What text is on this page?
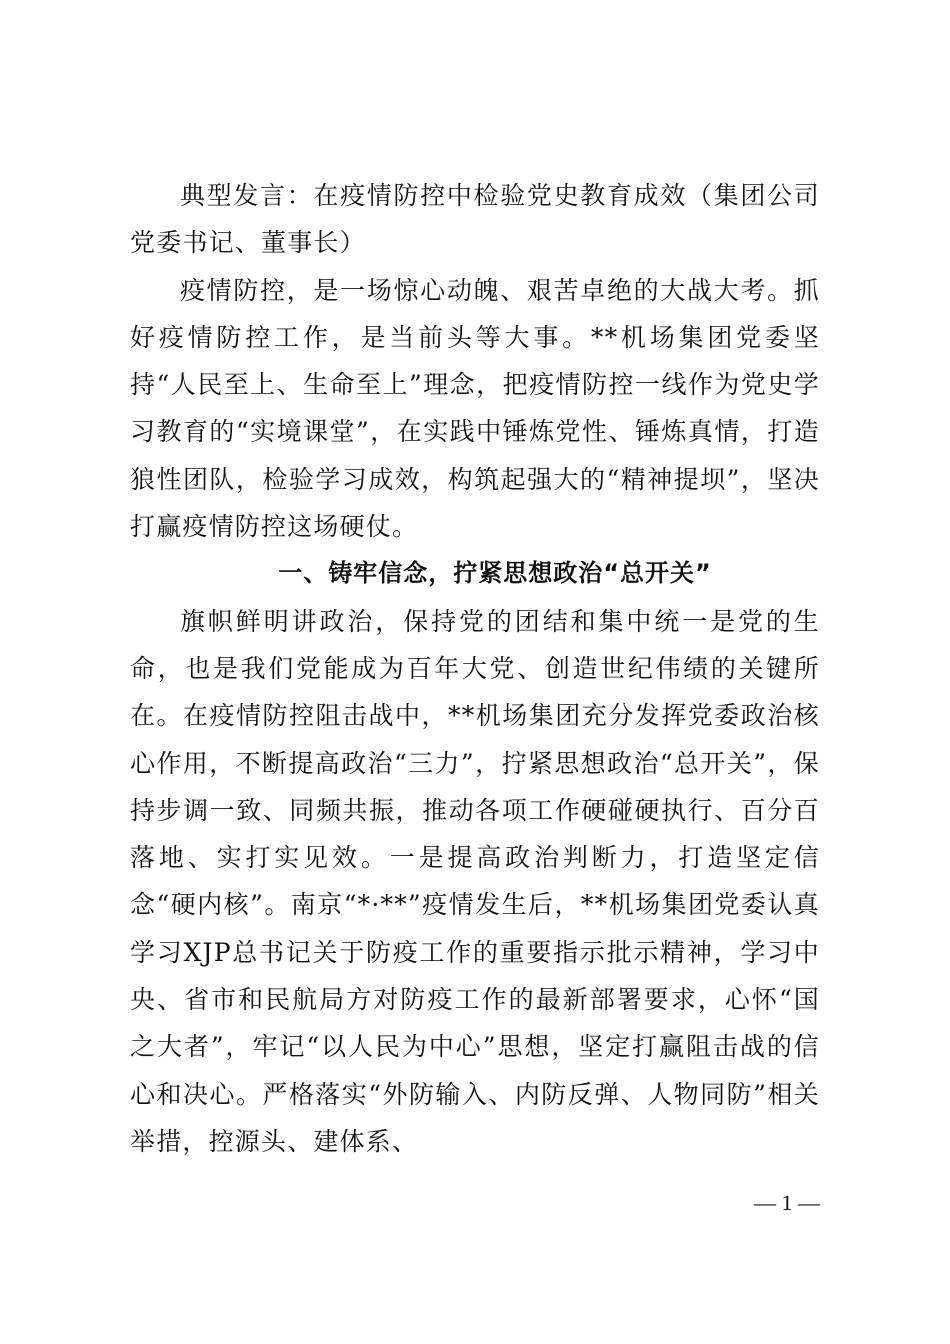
典型发言：在疫情防控中检验党史教育成效（集团公司党委书记、董事长）

疫情防控，是一场惊心动魄、艰苦卓绝的大战大考。抓好疫情防控工作，是当前头等大事。**机场集团党委坚持“人民至上、生命至上”理念，把疫情防控一线作为党史学习教育的“实境课堂”，在实践中锤炼党性、锤炼真情，打造狼性团队，检验学习成效，构筑起强大的“精神提坝”，坚决打赢疫情防控这场硬仗。

一、铸牢信念，拧紧思想政治“总开关”

旗帜鲜明讲政治，保持党的团结和集中统一是党的生命，也是我们党能成为百年大党、创造世纪伟绩的关键所在。在疫情防控阻击战中，**机场集团充分发挥党委政治核心作用，不断提高政治“三力”，拧紧思想政治“总开关”，保持步调一致、同频共振，推动各项工作硬碰硬执行、百分百落地、实打实见效。一是提高政治判断力，打造坚定信念“硬内核”。南京“*·**”疫情发生后，**机场集团党委认真学习XJP总书记关于防疫工作的重要指示批示精神，学习中央、省市和民航局方对防疫工作的最新部署要求，心怀“国之大者”，牢记“以人民为中心”思想，坚定打赢阻击战的信心和决心。严格落实“外防输入、内防反弹、人物同防”相关举措，控源头、建体系、

— 1 —
